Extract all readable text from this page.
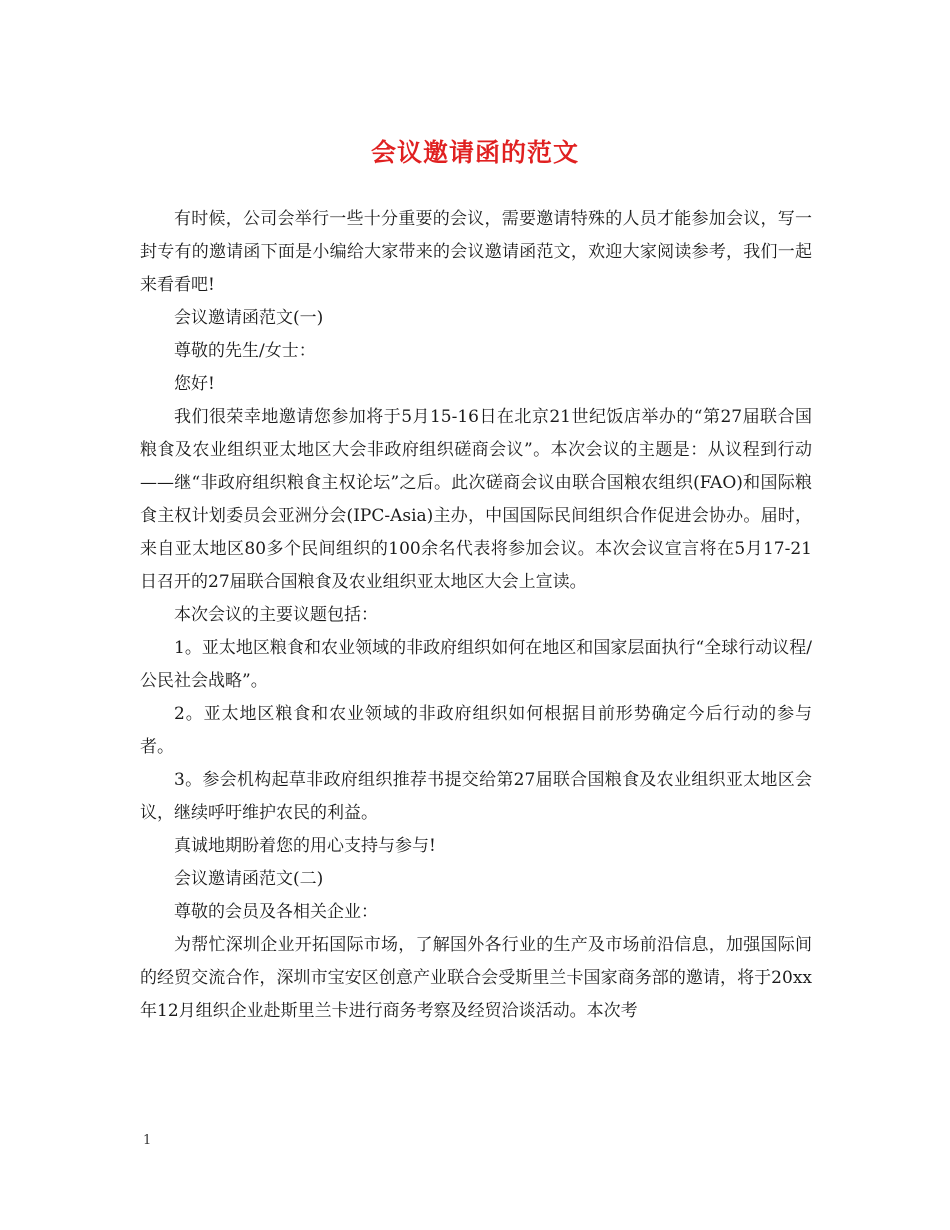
会议邀请函的范文

有时候，公司会举行一些十分重要的会议，需要邀请特殊的人员才能参加会议，写一封专有的邀请函下面是小编给大家带来的会议邀请函范文，欢迎大家阅读参考，我们一起来看看吧!

会议邀请函范文(一)

尊敬的先生/女士：

您好!

我们很荣幸地邀请您参加将于5月15-16日在北京21世纪饭店举办的“第27届联合国粮食及农业组织亚太地区大会非政府组织磋商会议”。本次会议的主题是：从议程到行动——继“非政府组织粮食主权论坛”之后。此次磋商会议由联合国粮农组织(FAO)和国际粮食主权计划委员会亚洲分会(IPC-Asia)主办，中国国际民间组织合作促进会协办。届时，来自亚太地区80多个民间组织的100余名代表将参加会议。本次会议宣言将在5月17-21日召开的27届联合国粮食及农业组织亚太地区大会上宣读。

本次会议的主要议题包括：

1。亚太地区粮食和农业领域的非政府组织如何在地区和国家层面执行“全球行动议程/公民社会战略”。

2。亚太地区粮食和农业领域的非政府组织如何根据目前形势确定今后行动的参与者。

3。参会机构起草非政府组织推荐书提交给第27届联合国粮食及农业组织亚太地区会议，继续呼吁维护农民的利益。

真诚地期盼着您的用心支持与参与!

会议邀请函范文(二)

尊敬的会员及各相关企业：

为帮忙深圳企业开拓国际市场，了解国外各行业的生产及市场前沿信息，加强国际间的经贸交流合作，深圳市宝安区创意产业联合会受斯里兰卡国家商务部的邀请，将于20xx年12月组织企业赴斯里兰卡进行商务考察及经贸洽谈活动。本次考

1
